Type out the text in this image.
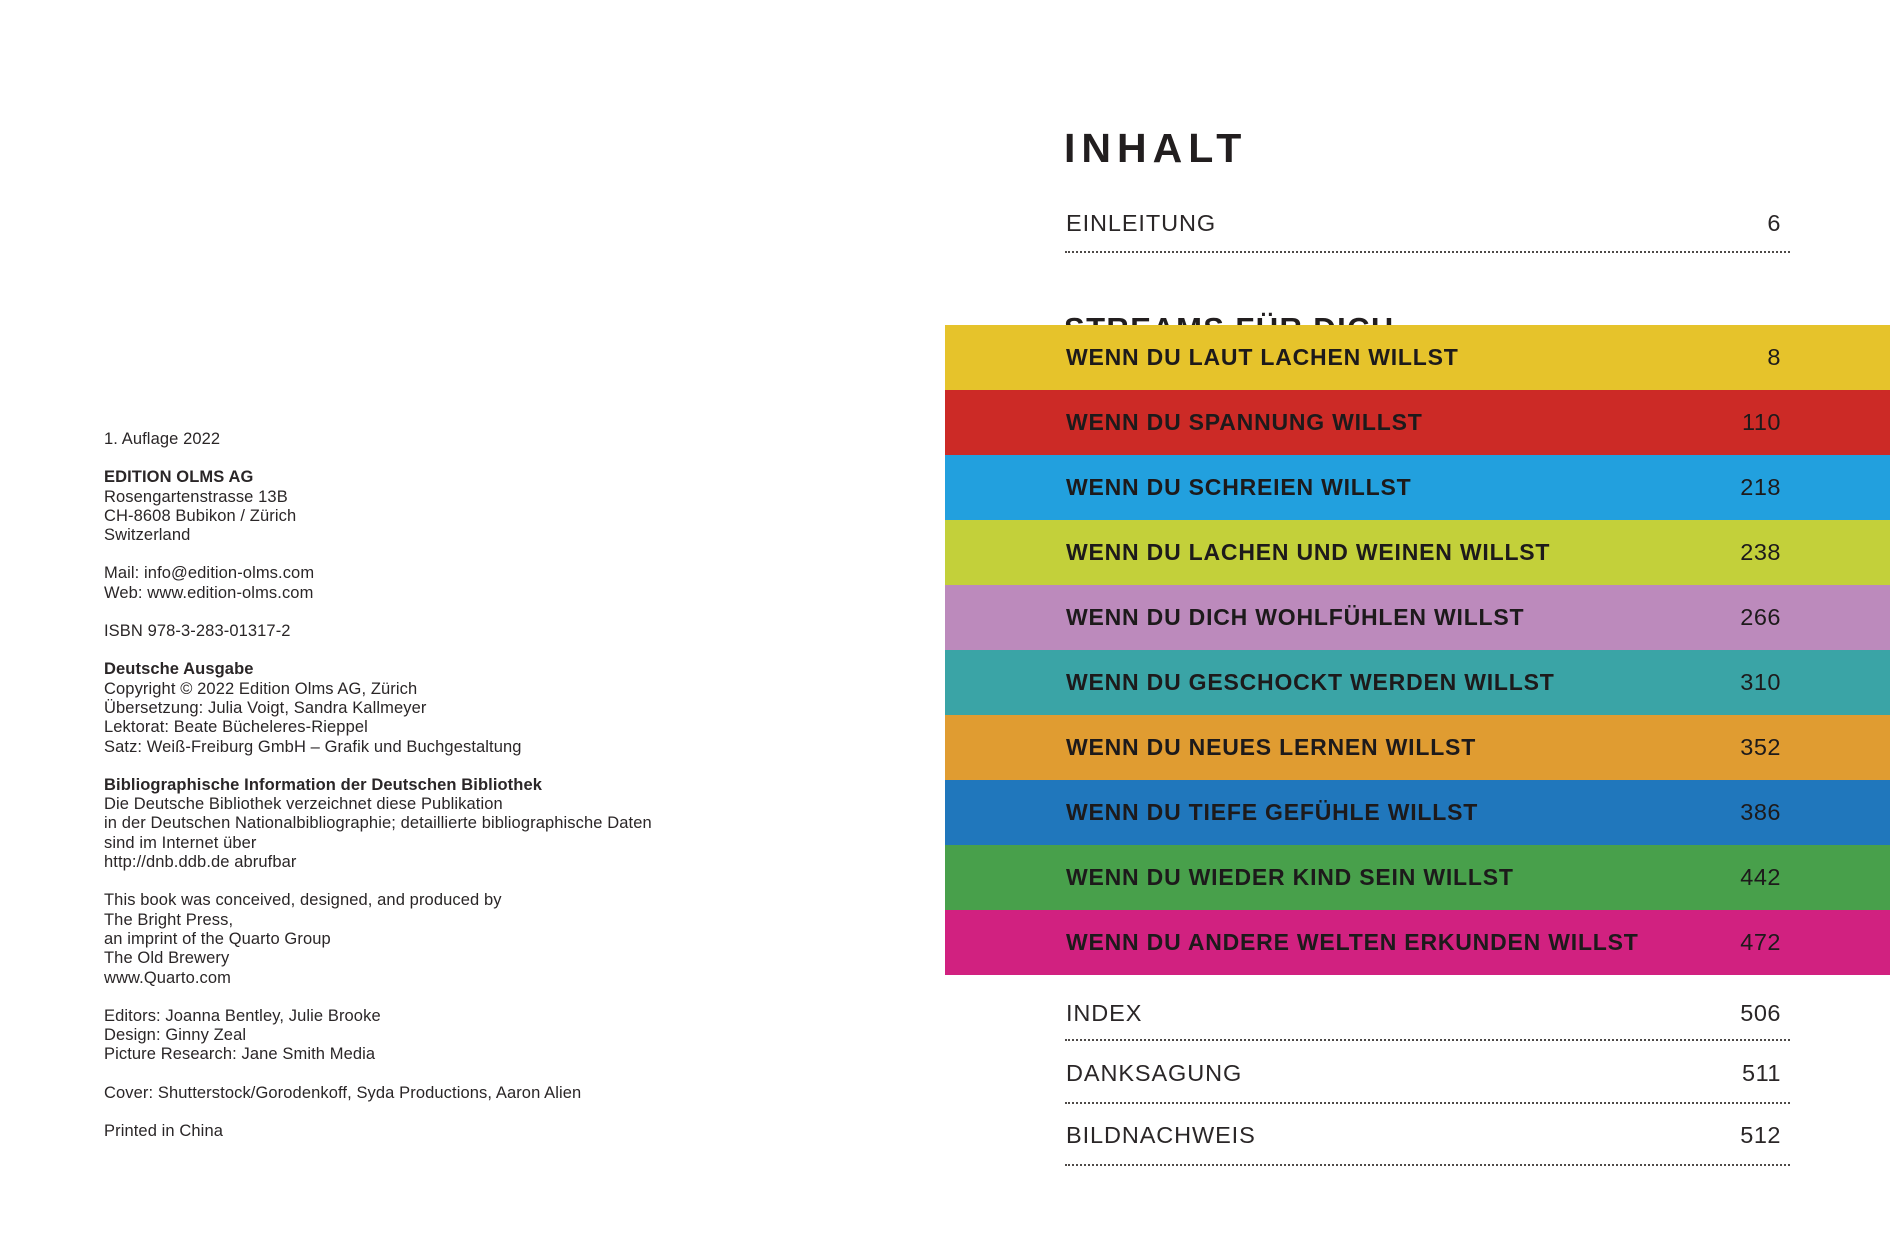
1. Auflage 2022

EDITION OLMS AG
Rosengartenstrasse 13B
CH-8608 Bubikon / Zürich
Switzerland

Mail: info@edition-olms.com
Web: www.edition-olms.com

ISBN 978-3-283-01317-2

Deutsche Ausgabe
Copyright © 2022 Edition Olms AG, Zürich
Übersetzung: Julia Voigt, Sandra Kallmeyer
Lektorat: Beate Bücheleres-Rieppel
Satz: Weiß-Freiburg GmbH – Grafik und Buchgestaltung

Bibliographische Information der Deutschen Bibliothek
Die Deutsche Bibliothek verzeichnet diese Publikation
in der Deutschen Nationalbibliographie; detaillierte bibliographische Daten
sind im Internet über
http://dnb.ddb.de abrufbar

This book was conceived, designed, and produced by
The Bright Press,
an imprint of the Quarto Group
The Old Brewery
www.Quarto.com

Editors: Joanna Bentley, Julie Brooke
Design: Ginny Zeal
Picture Research: Jane Smith Media

Cover: Shutterstock/Gorodenkoff, Syda Productions, Aaron Alien

Printed in China

INHALT
EINLEITUNG	6
WENN DU LAUT LACHEN WILLST	8
WENN DU SPANNUNG WILLST	110
WENN DU SCHREIEN WILLST	218
WENN DU LACHEN UND WEINEN WILLST	238
WENN DU DICH WOHLFÜHLEN WILLST	266
WENN DU GESCHOCKT WERDEN WILLST	310
WENN DU NEUES LERNEN WILLST	352
WENN DU TIEFE GEFÜHLE WILLST	386
WENN DU WIEDER KIND SEIN WILLST	442
WENN DU ANDERE WELTEN ERKUNDEN WILLST	472
INDEX	506
DANKSAGUNG	511
BILDNACHWEIS	512
